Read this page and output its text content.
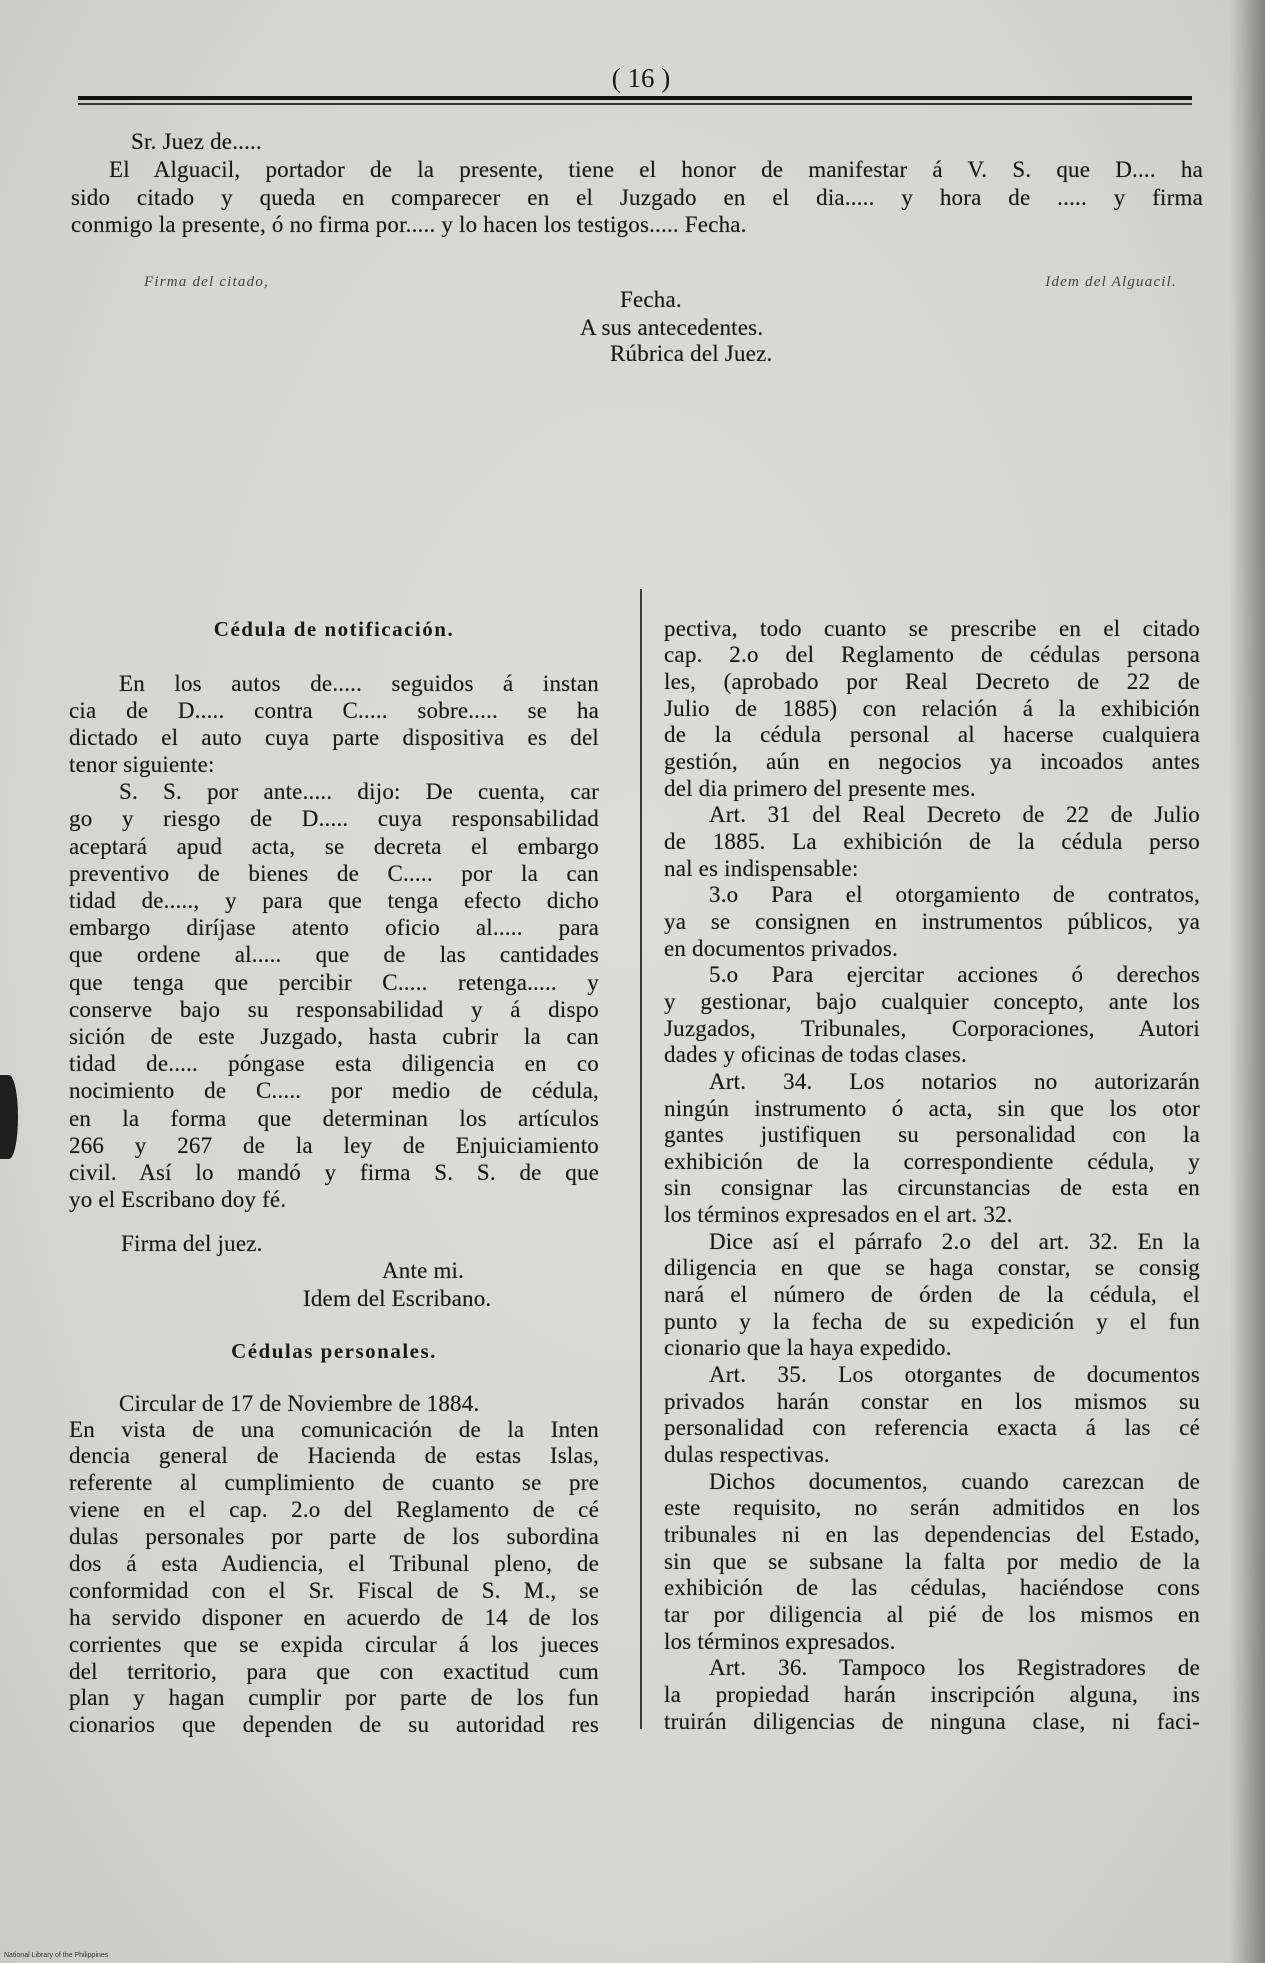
( 16 )
Sr. Juez de.....
El Alguacil, portador de la presente, tiene el honor de manifestar á V. S. que D.... ha
sido citado y queda en comparecer en el Juzgado en el dia..... y hora de ..... y firma
conmigo la presente, ó no firma por..... y lo hacen los testigos..... Fecha.
Firma del citado,	Idem del Alguacil.
Fecha.
A sus antecedentes.
Rúbrica del Juez.
Cédula de notificación.
En los autos de..... seguidos á instan
cia de D..... contra C..... sobre..... se ha
dictado el auto cuya parte dispositiva es del
tenor siguiente:
S. S. por ante..... dijo: De cuenta, car
go y riesgo de D..... cuya responsabilidad
aceptará apud acta, se decreta el embargo
preventivo de bienes de C..... por la can
tidad de....., y para que tenga efecto dicho
embargo diríjase atento oficio al..... para
que ordene al..... que de las cantidades
que tenga que percibir C..... retenga..... y
conserve bajo su responsabilidad y á dispo
sición de este Juzgado, hasta cubrir la can
tidad de..... póngase esta diligencia en co
nocimiento de C..... por medio de cédula,
en la forma que determinan los artículos
266 y 267 de la ley de Enjuiciamiento
civil. Así lo mandó y firma S. S. de que
yo el Escribano doy fé.
Firma del juez.
Ante mi.
Idem del Escribano.
Cédulas personales.
Circular de 17 de Noviembre de 1884.
En vista de una comunicación de la Inten
dencia general de Hacienda de estas Islas,
referente al cumplimiento de cuanto se pre
viene en el cap. 2.o del Reglamento de cé
dulas personales por parte de los subordina
dos á esta Audiencia, el Tribunal pleno, de
conformidad con el Sr. Fiscal de S. M., se
ha servido disponer en acuerdo de 14 de los
corrientes que se expida circular á los jueces
del territorio, para que con exactitud cum
plan y hagan cumplir por parte de los fun
cionarios que dependen de su autoridad res
pectiva, todo cuanto se prescribe en el citado
cap. 2.o del Reglamento de cédulas persona
les, (aprobado por Real Decreto de 22 de
Julio de 1885) con relación á la exhibición
de la cédula personal al hacerse cualquiera
gestión, aún en negocios ya incoados antes
del dia primero del presente mes.
Art. 31 del Real Decreto de 22 de Julio
de 1885. La exhibición de la cédula perso
nal es indispensable:
3.o Para el otorgamiento de contratos,
ya se consignen en instrumentos públicos, ya
en documentos privados.
5.o Para ejercitar acciones ó derechos
y gestionar, bajo cualquier concepto, ante los
Juzgados, Tribunales, Corporaciones, Autori
dades y oficinas de todas clases.
Art. 34. Los notarios no autorizarán
ningún instrumento ó acta, sin que los otor
gantes justifiquen su personalidad con la
exhibición de la correspondiente cédula, y
sin consignar las circunstancias de esta en
los términos expresados en el art. 32.
Dice así el párrafo 2.o del art. 32. En la
diligencia en que se haga constar, se consig
nará el número de órden de la cédula, el
punto y la fecha de su expedición y el fun
cionario que la haya expedido.
Art. 35. Los otorgantes de documentos
privados harán constar en los mismos su
personalidad con referencia exacta á las cé
dulas respectivas.
Dichos documentos, cuando carezcan de
este requisito, no serán admitidos en los
tribunales ni en las dependencias del Estado,
sin que se subsane la falta por medio de la
exhibición de las cédulas, haciéndose cons
tar por diligencia al pié de los mismos en
los términos expresados.
Art. 36. Tampoco los Registradores de
la propiedad harán inscripción alguna, ins
truirán diligencias de ninguna clase, ni faci-
National Library of the Philippines
